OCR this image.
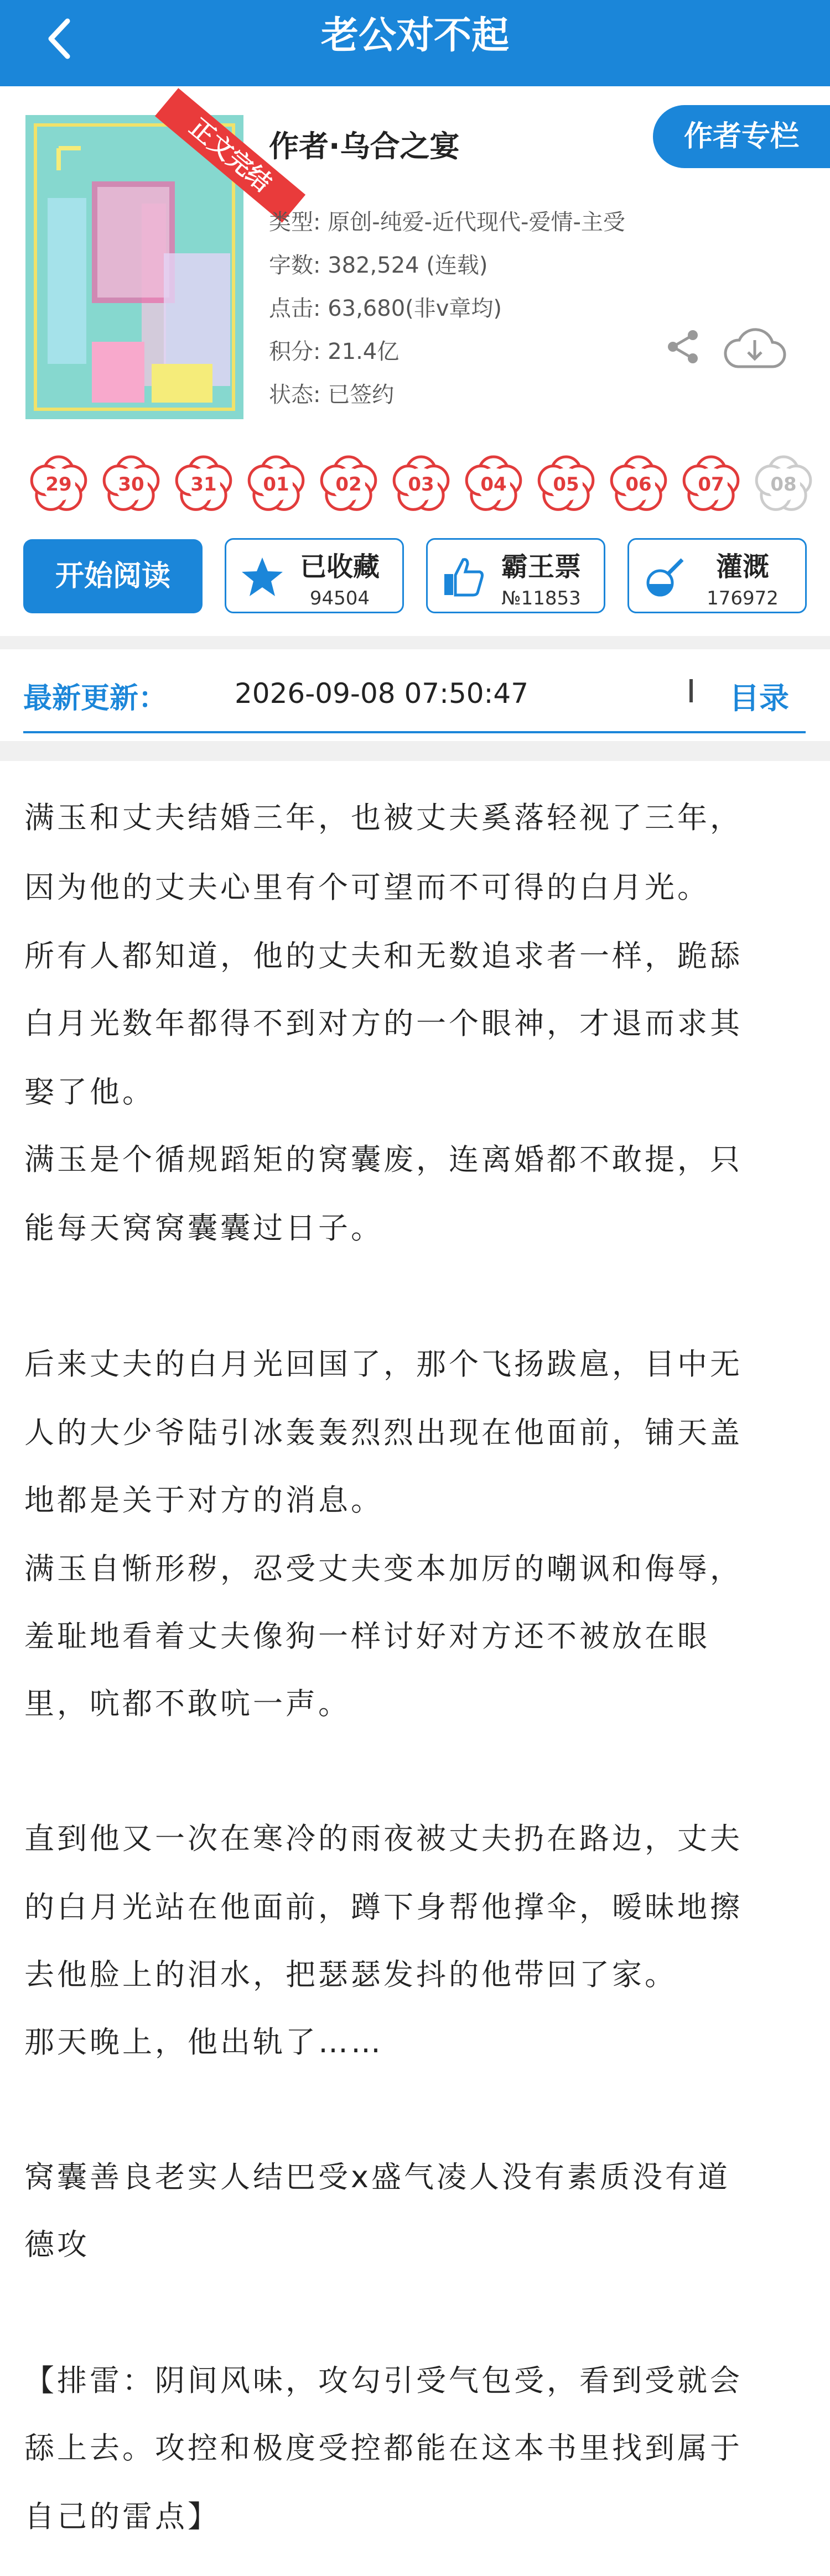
老公对不起
正文完结
作者·乌合之宴	作者专栏
类型: 原创-纯爱-近代现代-爱情-主受
字数: 382,524 (连载)
点击: 63,680(非v章均)
积分: 21.4亿
状态: 已签约
29	30	31	01	02	03	04	05	06	07	08
开始阅读	已收藏
94504
霸王票
№11853
灌溉
176972
最新更新： 2026-09-08 07:50:47	目录
满玉和丈夫结婚三年，也被丈夫奚落轻视了三年，
因为他的丈夫心里有个可望而不可得的白月光。
所有人都知道，他的丈夫和无数追求者一样，跪舔
白月光数年都得不到对方的一个眼神，才退而求其
娶了他。
满玉是个循规蹈矩的窝囊废，连离婚都不敢提，只
能每天窝窝囊囊过日子。
后来丈夫的白月光回国了，那个飞扬跋扈，目中无
人的大少爷陆引冰轰轰烈烈出现在他面前，铺天盖
地都是关于对方的消息。
满玉自惭形秽，忍受丈夫变本加厉的嘲讽和侮辱，
羞耻地看着丈夫像狗一样讨好对方还不被放在眼
里，吭都不敢吭一声。
直到他又一次在寒冷的雨夜被丈夫扔在路边，丈夫
的白月光站在他面前，蹲下身帮他撑伞，暧昧地擦
去他脸上的泪水，把瑟瑟发抖的他带回了家。
那天晚上，他出轨了……
窝囊善良老实人结巴受x盛气凌人没有素质没有道
德攻
【排雷：阴间风味，攻勾引受气包受，看到受就会
舔上去。攻控和极度受控都能在这本书里找到属于
自己的雷点】
